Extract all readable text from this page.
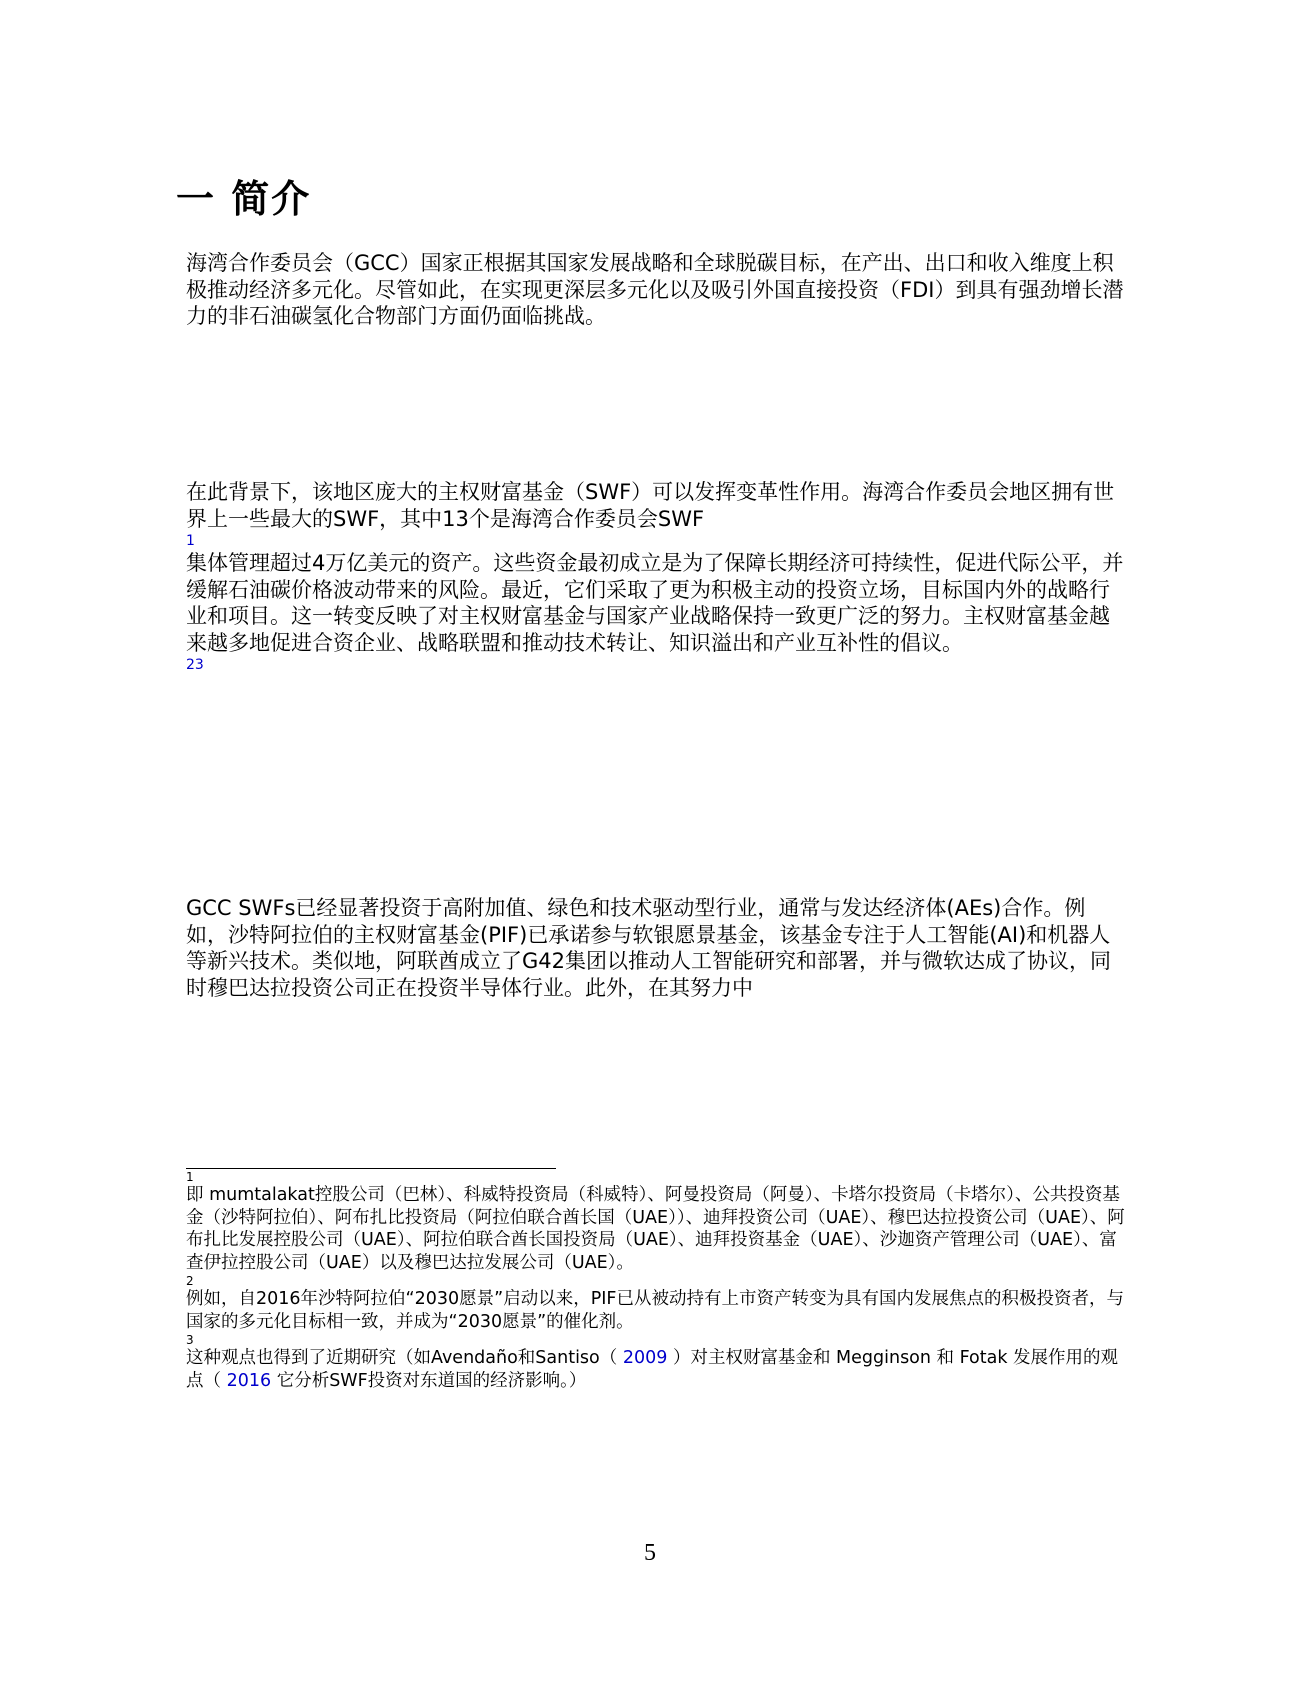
一 简介

海湾合作委员会（GCC）国家正根据其国家发展战略和全球脱碳目标，在产出、出口和收入维度上积极推动经济多元化。尽管如此，在实现更深层多元化以及吸引外国直接投资（FDI）到具有强劲增长潜力的非石油碳氢化合物部门方面仍面临挑战。

在此背景下，该地区庞大的主权财富基金（SWF）可以发挥变革性作用。海湾合作委员会地区拥有世界上一些最大的SWF，其中13个是海湾合作委员会SWF
1
集体管理超过4万亿美元的资产。这些资金最初成立是为了保障长期经济可持续性，促进代际公平，并缓解石油碳价格波动带来的风险。最近，它们采取了更为积极主动的投资立场，目标国内外的战略行业和项目。这一转变反映了对主权财富基金与国家产业战略保持一致更广泛的努力。主权财富基金越来越多地促进合资企业、战略联盟和推动技术转让、知识溢出和产业互补性的倡议。
23

GCC SWFs已经显著投资于高附加值、绿色和技术驱动型行业，通常与发达经济体(AEs)合作。例如，沙特阿拉伯的主权财富基金(PIF)已承诺参与软银愿景基金，该基金专注于人工智能(AI)和机器人等新兴技术。类似地，阿联酋成立了G42集团以推动人工智能研究和部署，并与微软达成了协议，同时穆巴达拉投资公司正在投资半导体行业。此外，在其努力中

1
即 mumtalakat控股公司（巴林）、科威特投资局（科威特）、阿曼投资局（阿曼）、卡塔尔投资局（卡塔尔）、公共投资基金（沙特阿拉伯）、阿布扎比投资局（阿拉伯联合酋长国（UAE））、迪拜投资公司（UAE）、穆巴达拉投资公司（UAE）、阿布扎比发展控股公司（UAE）、阿拉伯联合酋长国投资局（UAE）、迪拜投资基金（UAE）、沙迦资产管理公司（UAE）、富查伊拉控股公司（UAE）以及穆巴达拉发展公司（UAE）。
2
例如，自2016年沙特阿拉伯“2030愿景”启动以来，PIF已从被动持有上市资产转变为具有国内发展焦点的积极投资者，与国家的多元化目标相一致，并成为“2030愿景”的催化剂。
3
这种观点也得到了近期研究（如Avendaño和Santiso（ 2009 ）对主权财富基金和 Megginson 和 Fotak 发展作用的观点（ 2016 它分析SWF投资对东道国的经济影响。）
5
